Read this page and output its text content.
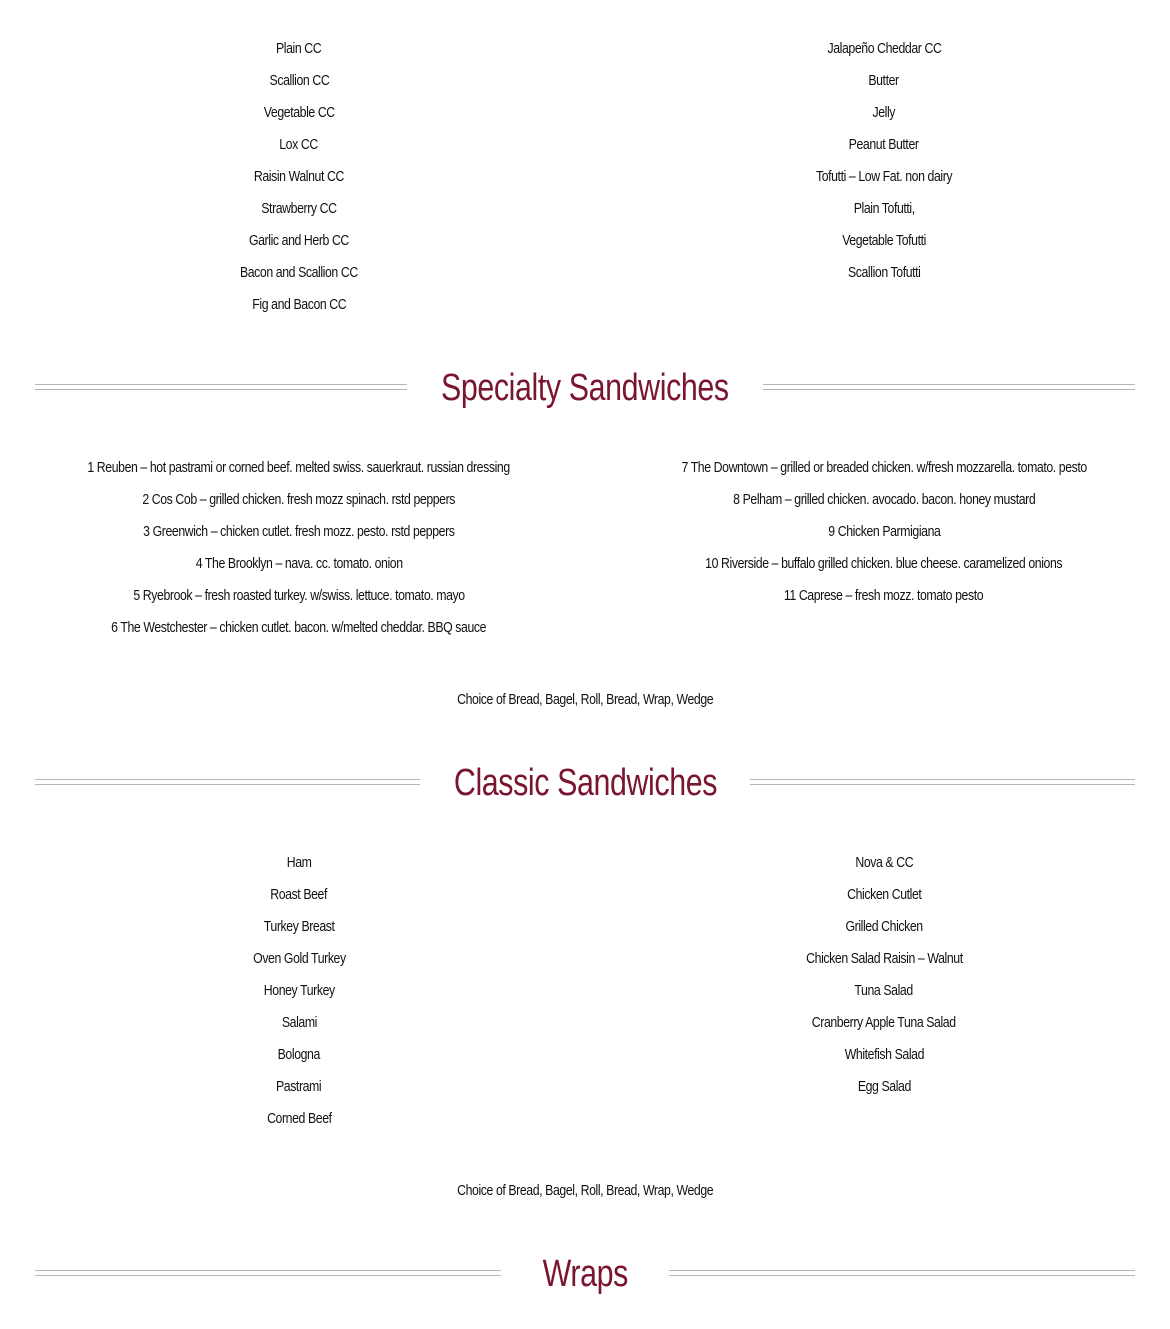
Plain CC
Scallion CC
Vegetable CC
Lox CC
Raisin Walnut CC
Strawberry CC
Garlic and Herb CC
Bacon and Scallion CC
Fig and Bacon CC
Jalapeño Cheddar CC
Butter
Jelly
Peanut Butter
Tofutti – Low Fat. non dairy
Plain Tofutti,
Vegetable Tofutti
Scallion Tofutti
Specialty Sandwiches
1 Reuben – hot pastrami or corned beef. melted swiss. sauerkraut. russian dressing
2 Cos Cob – grilled chicken. fresh mozz spinach. rstd peppers
3 Greenwich – chicken cutlet. fresh mozz. pesto. rstd peppers
4 The Brooklyn – nava. cc. tomato. onion
5 Ryebrook – fresh roasted turkey. w/swiss. lettuce. tomato. mayo
6 The Westchester – chicken cutlet. bacon. w/melted cheddar. BBQ sauce
7 The Downtown – grilled or breaded chicken. w/fresh mozzarella. tomato. pesto
8 Pelham – grilled chicken. avocado. bacon. honey mustard
9 Chicken Parmigiana
10 Riverside – buffalo grilled chicken. blue cheese. caramelized onions
11 Caprese – fresh mozz. tomato pesto
Choice of Bread, Bagel, Roll, Bread, Wrap, Wedge
Classic Sandwiches
Ham
Roast Beef
Turkey Breast
Oven Gold Turkey
Honey Turkey
Salami
Bologna
Pastrami
Corned Beef
Nova & CC
Chicken Cutlet
Grilled Chicken
Chicken Salad Raisin – Walnut
Tuna Salad
Cranberry Apple Tuna Salad
Whitefish Salad
Egg Salad
Choice of Bread, Bagel, Roll, Bread, Wrap, Wedge
Wraps
